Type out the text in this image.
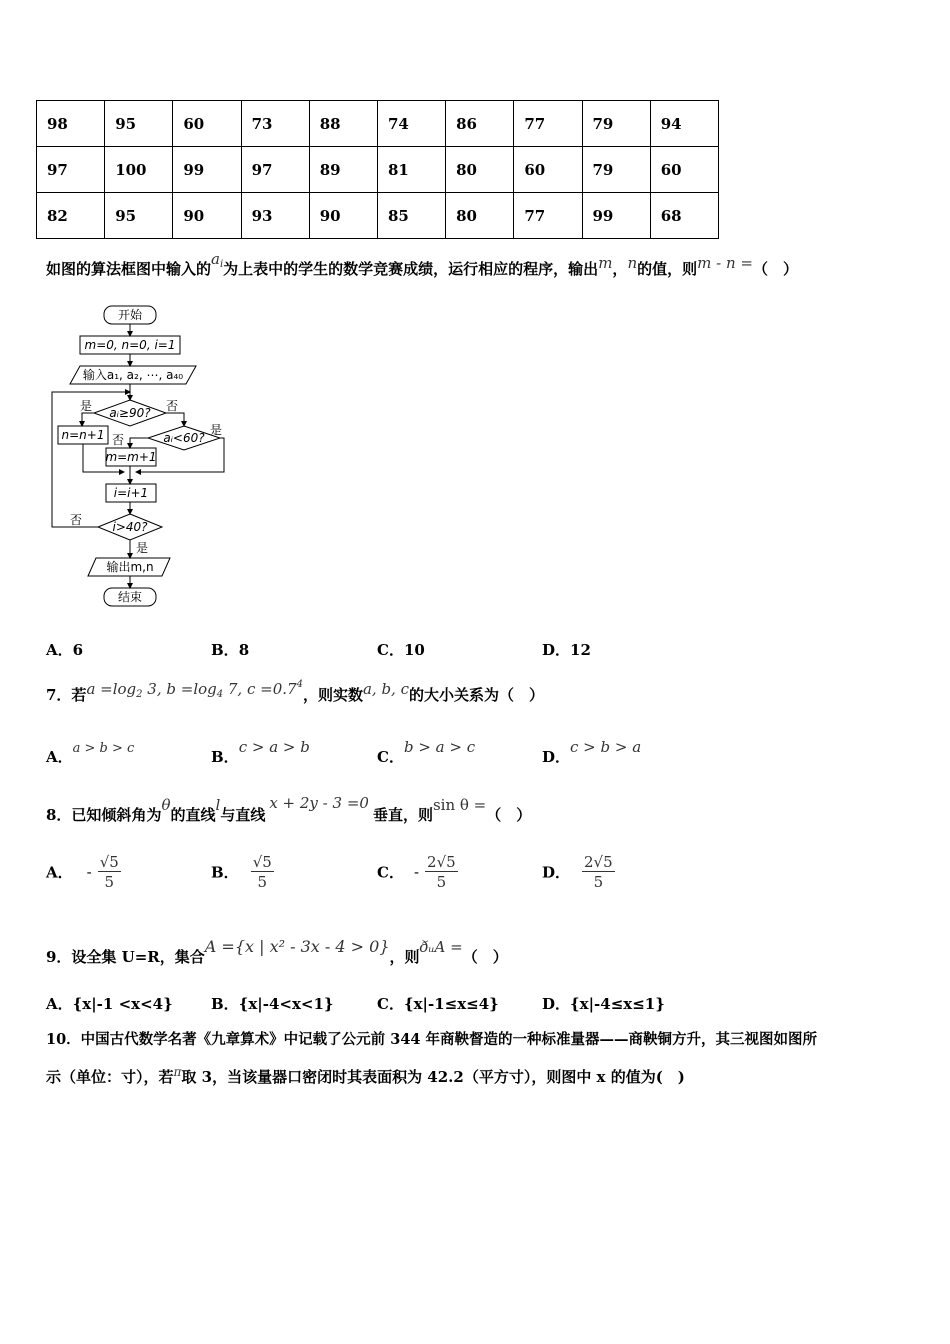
98	95	60	73	88	74	86	77	79	94
97	100	99	97	89	81	80	60	79	60
82	95	90	93	90	85	80	77	99	68
如图的算法框图中输入的$a_i$为上表中的学生的数学竞赛成绩，运行相应的程序，输出m，n的值，则m - n =（　）
开始
m=0, n=0, i=1
输入a₁, a₂, ⋯, a₄₀
aᵢ≥90?
是	否
n=n+1	aᵢ<60?
是
否
m=m+1
i=i+1
i>40?
否
是
输出m,n
结束
A．6	B．8	C．10	D．12
7．若$a =\log_2$ 3, $b =\log_4$ 7, $c =0.7^4$，则实数a, b, c的大小关系为（　）
A．a > b > c	B．c > a > b
C．b > a > c
D．c > b > a
8．已知倾斜角为θ的直线l与直线x + 2y - 3 =0垂直，则sin θ =（　）
A． - $\frac{√5}{5}$	B． $\frac{√5}{5}$	C． - $\frac{2√5}{5}$	D． $\frac{2√5}{5}$
9．设全集 U=R，集合A ={x | x² - 3x - 4 > 0}，则ðᵤA =（　）
A．{x|-1 <x<4}	B．{x|-4<x<1}	C．{x|-1≤x≤4}	D．{x|-4≤x≤1}
10．中国古代数学名著《九章算术》中记载了公元前 344 年商鞅督造的一种标准量器——商鞅铜方升，其三视图如图所
示（单位：寸），若$^\pi$取 3，当该量器口密闭时其表面积为 42.2（平方寸），则图中 x 的值为(　)
